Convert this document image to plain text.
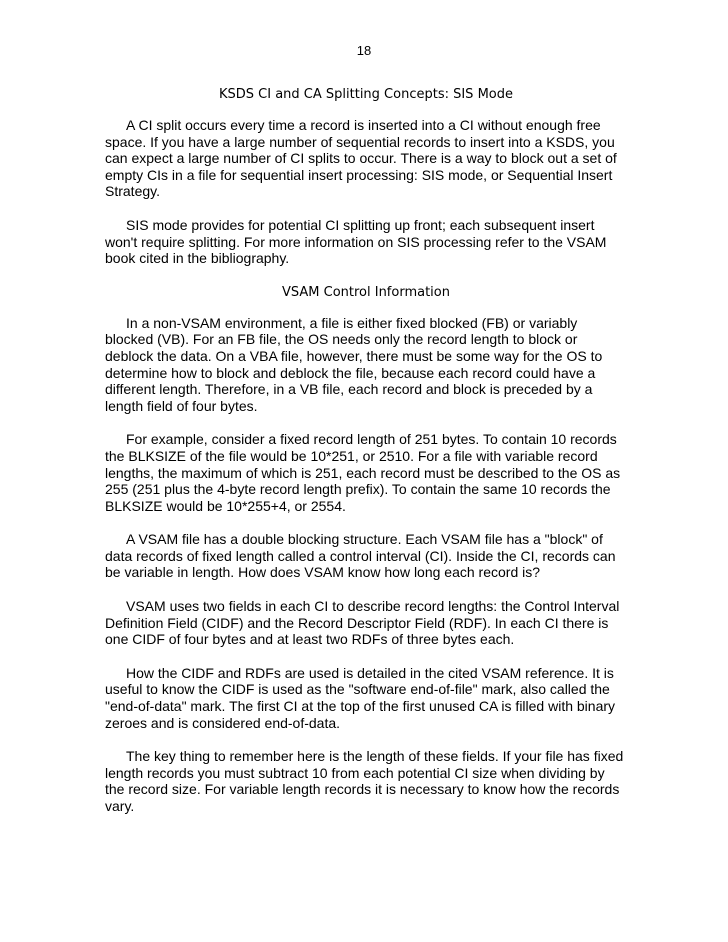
18
KSDS CI and CA Splitting Concepts: SIS Mode

A CI split occurs every time a record is inserted into a CI without enough free space. If you have a large number of sequential records to insert into a KSDS, you can expect a large number of CI splits to occur. There is a way to block out a set of empty CIs in a file for sequential insert processing: SIS mode, or Sequential Insert Strategy.

SIS mode provides for potential CI splitting up front; each subsequent insert won't require splitting. For more information on SIS processing refer to the VSAM book cited in the bibliography.

VSAM Control Information

In a non-VSAM environment, a file is either fixed blocked (FB) or variably blocked (VB). For an FB file, the OS needs only the record length to block or deblock the data. On a VBA file, however, there must be some way for the OS to determine how to block and deblock the file, because each record could have a different length. Therefore, in a VB file, each record and block is preceded by a length field of four bytes.

For example, consider a fixed record length of 251 bytes. To contain 10 records the BLKSIZE of the file would be 10*251, or 2510. For a file with variable record lengths, the maximum of which is 251, each record must be described to the OS as 255 (251 plus the 4-byte record length prefix). To contain the same 10 records the BLKSIZE would be 10*255+4, or 2554.

A VSAM file has a double blocking structure. Each VSAM file has a "block" of data records of fixed length called a control interval (CI). Inside the CI, records can be variable in length. How does VSAM know how long each record is?

VSAM uses two fields in each CI to describe record lengths: the Control Interval Definition Field (CIDF) and the Record Descriptor Field (RDF). In each CI there is one CIDF of four bytes and at least two RDFs of three bytes each.

How the CIDF and RDFs are used is detailed in the cited VSAM reference. It is useful to know the CIDF is used as the "software end-of-file" mark, also called the "end-of-data" mark. The first CI at the top of the first unused CA is filled with binary zeroes and is considered end-of-data.

The key thing to remember here is the length of these fields. If your file has fixed length records you must subtract 10 from each potential CI size when dividing by the record size. For variable length records it is necessary to know how the records vary.
